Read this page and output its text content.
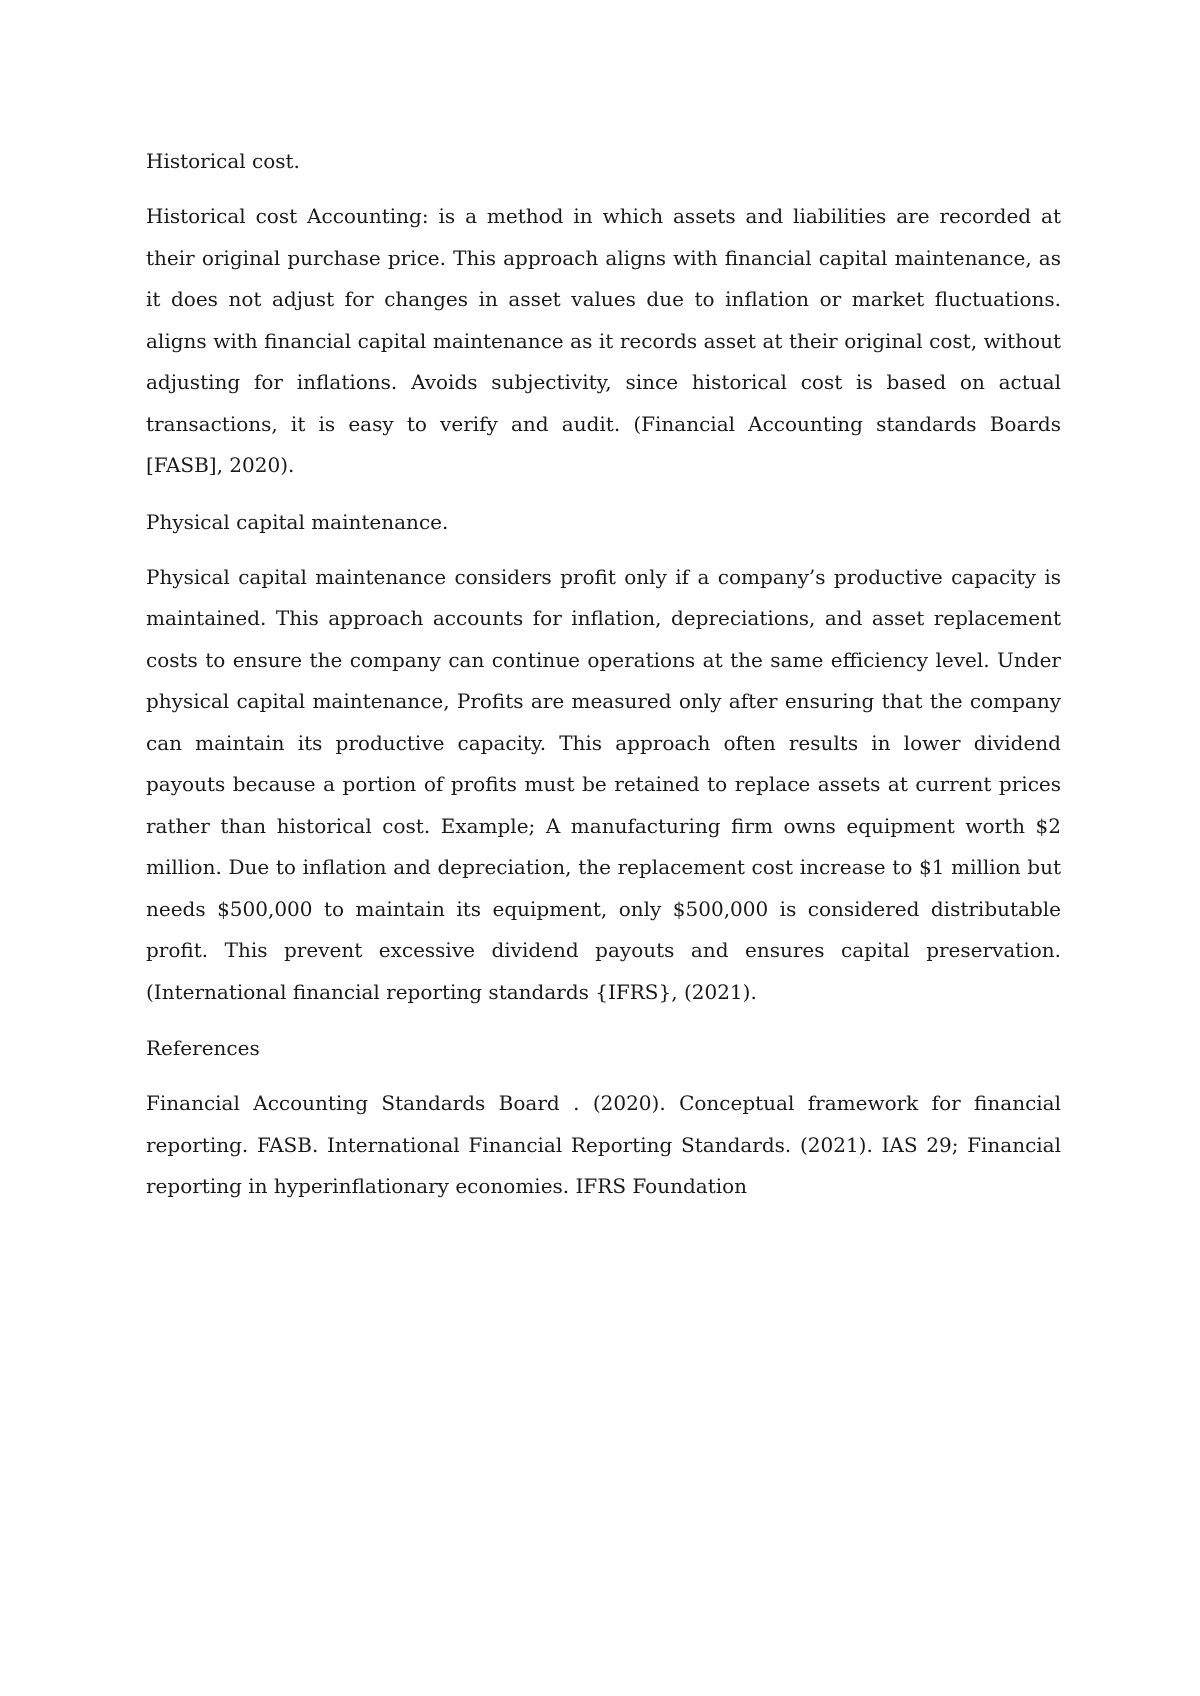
Historical cost.

Historical cost Accounting: is a method in which assets and liabilities are recorded at their original purchase price. This approach aligns with financial capital maintenance, as it does not adjust for changes in asset values due to inflation or market fluctuations. aligns with financial capital maintenance as it records asset at their original cost, without adjusting for inflations. Avoids subjectivity, since historical cost is based on actual transactions, it is easy to verify and audit. (Financial Accounting standards Boards [FASB], 2020).

Physical capital maintenance.

Physical capital maintenance considers profit only if a company’s productive capacity is maintained. This approach accounts for inflation, depreciations, and asset replacement costs to ensure the company can continue operations at the same efficiency level. Under physical capital maintenance, Profits are measured only after ensuring that the company can maintain its productive capacity. This approach often results in lower dividend payouts because a portion of profits must be retained to replace assets at current prices rather than historical cost. Example; A manufacturing firm owns equipment worth $2 million. Due to inflation and depreciation, the replacement cost increase to $1 million but needs $500,000 to maintain its equipment, only $500,000 is considered distributable profit. This prevent excessive dividend payouts and ensures capital preservation. (International financial reporting standards {IFRS}, (2021).

References

Financial Accounting Standards Board . (2020). Conceptual framework for financial reporting. FASB. International Financial Reporting Standards. (2021). IAS 29; Financial reporting in hyperinflationary economies. IFRS Foundation
